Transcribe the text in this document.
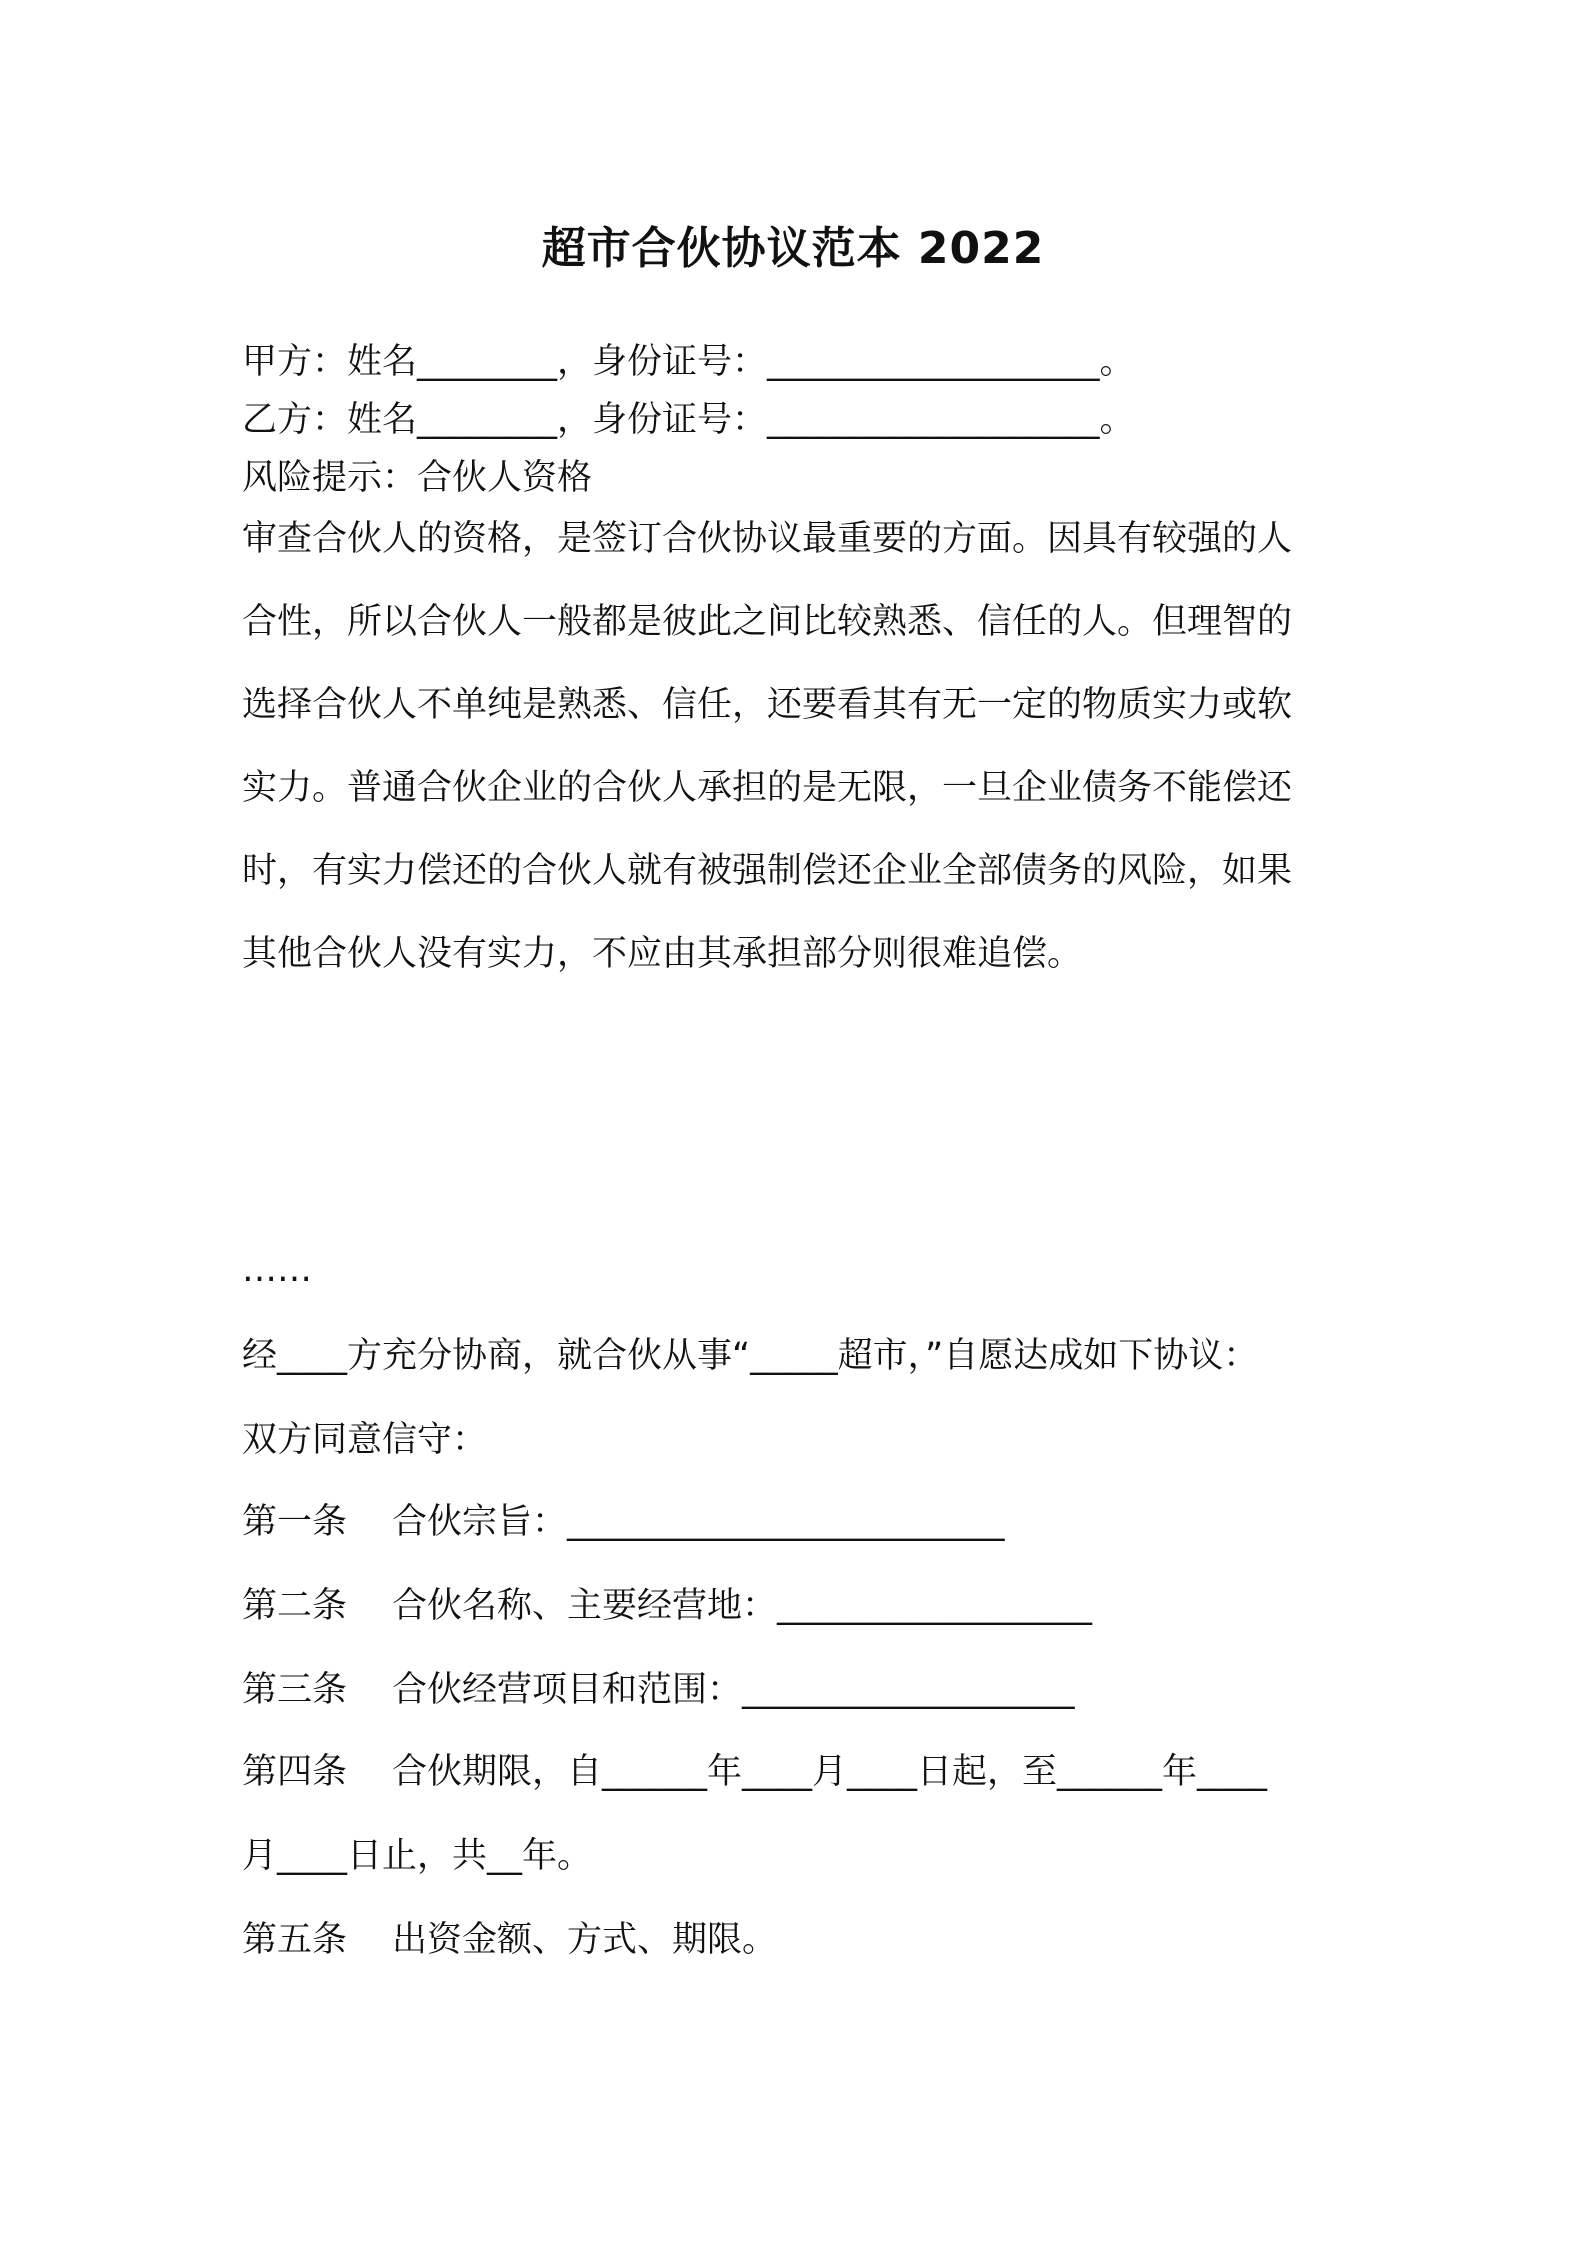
超市合伙协议范本 2022
甲方：姓名________，身份证号：___________________。
乙方：姓名________，身份证号：___________________。
风险提示：合伙人资格
审查合伙人的资格，是签订合伙协议最重要的方面。因具有较强的人
合性，所以合伙人一般都是彼此之间比较熟悉、信任的人。但理智的
选择合伙人不单纯是熟悉、信任，还要看其有无一定的物质实力或软
实力。普通合伙企业的合伙人承担的是无限，一旦企业债务不能偿还
时，有实力偿还的合伙人就有被强制偿还企业全部债务的风险，如果
其他合伙人没有实力，不应由其承担部分则很难追偿。
……
经____方充分协商，就合伙从事“_____超市，”自愿达成如下协议：
双方同意信守：
第一条 合伙宗旨：_________________________
第二条 合伙名称、主要经营地：__________________
第三条 合伙经营项目和范围：___________________
第四条 合伙期限，自______年____月____日起，至______年____
月____日止，共__年。
第五条 出资金额、方式、期限。
